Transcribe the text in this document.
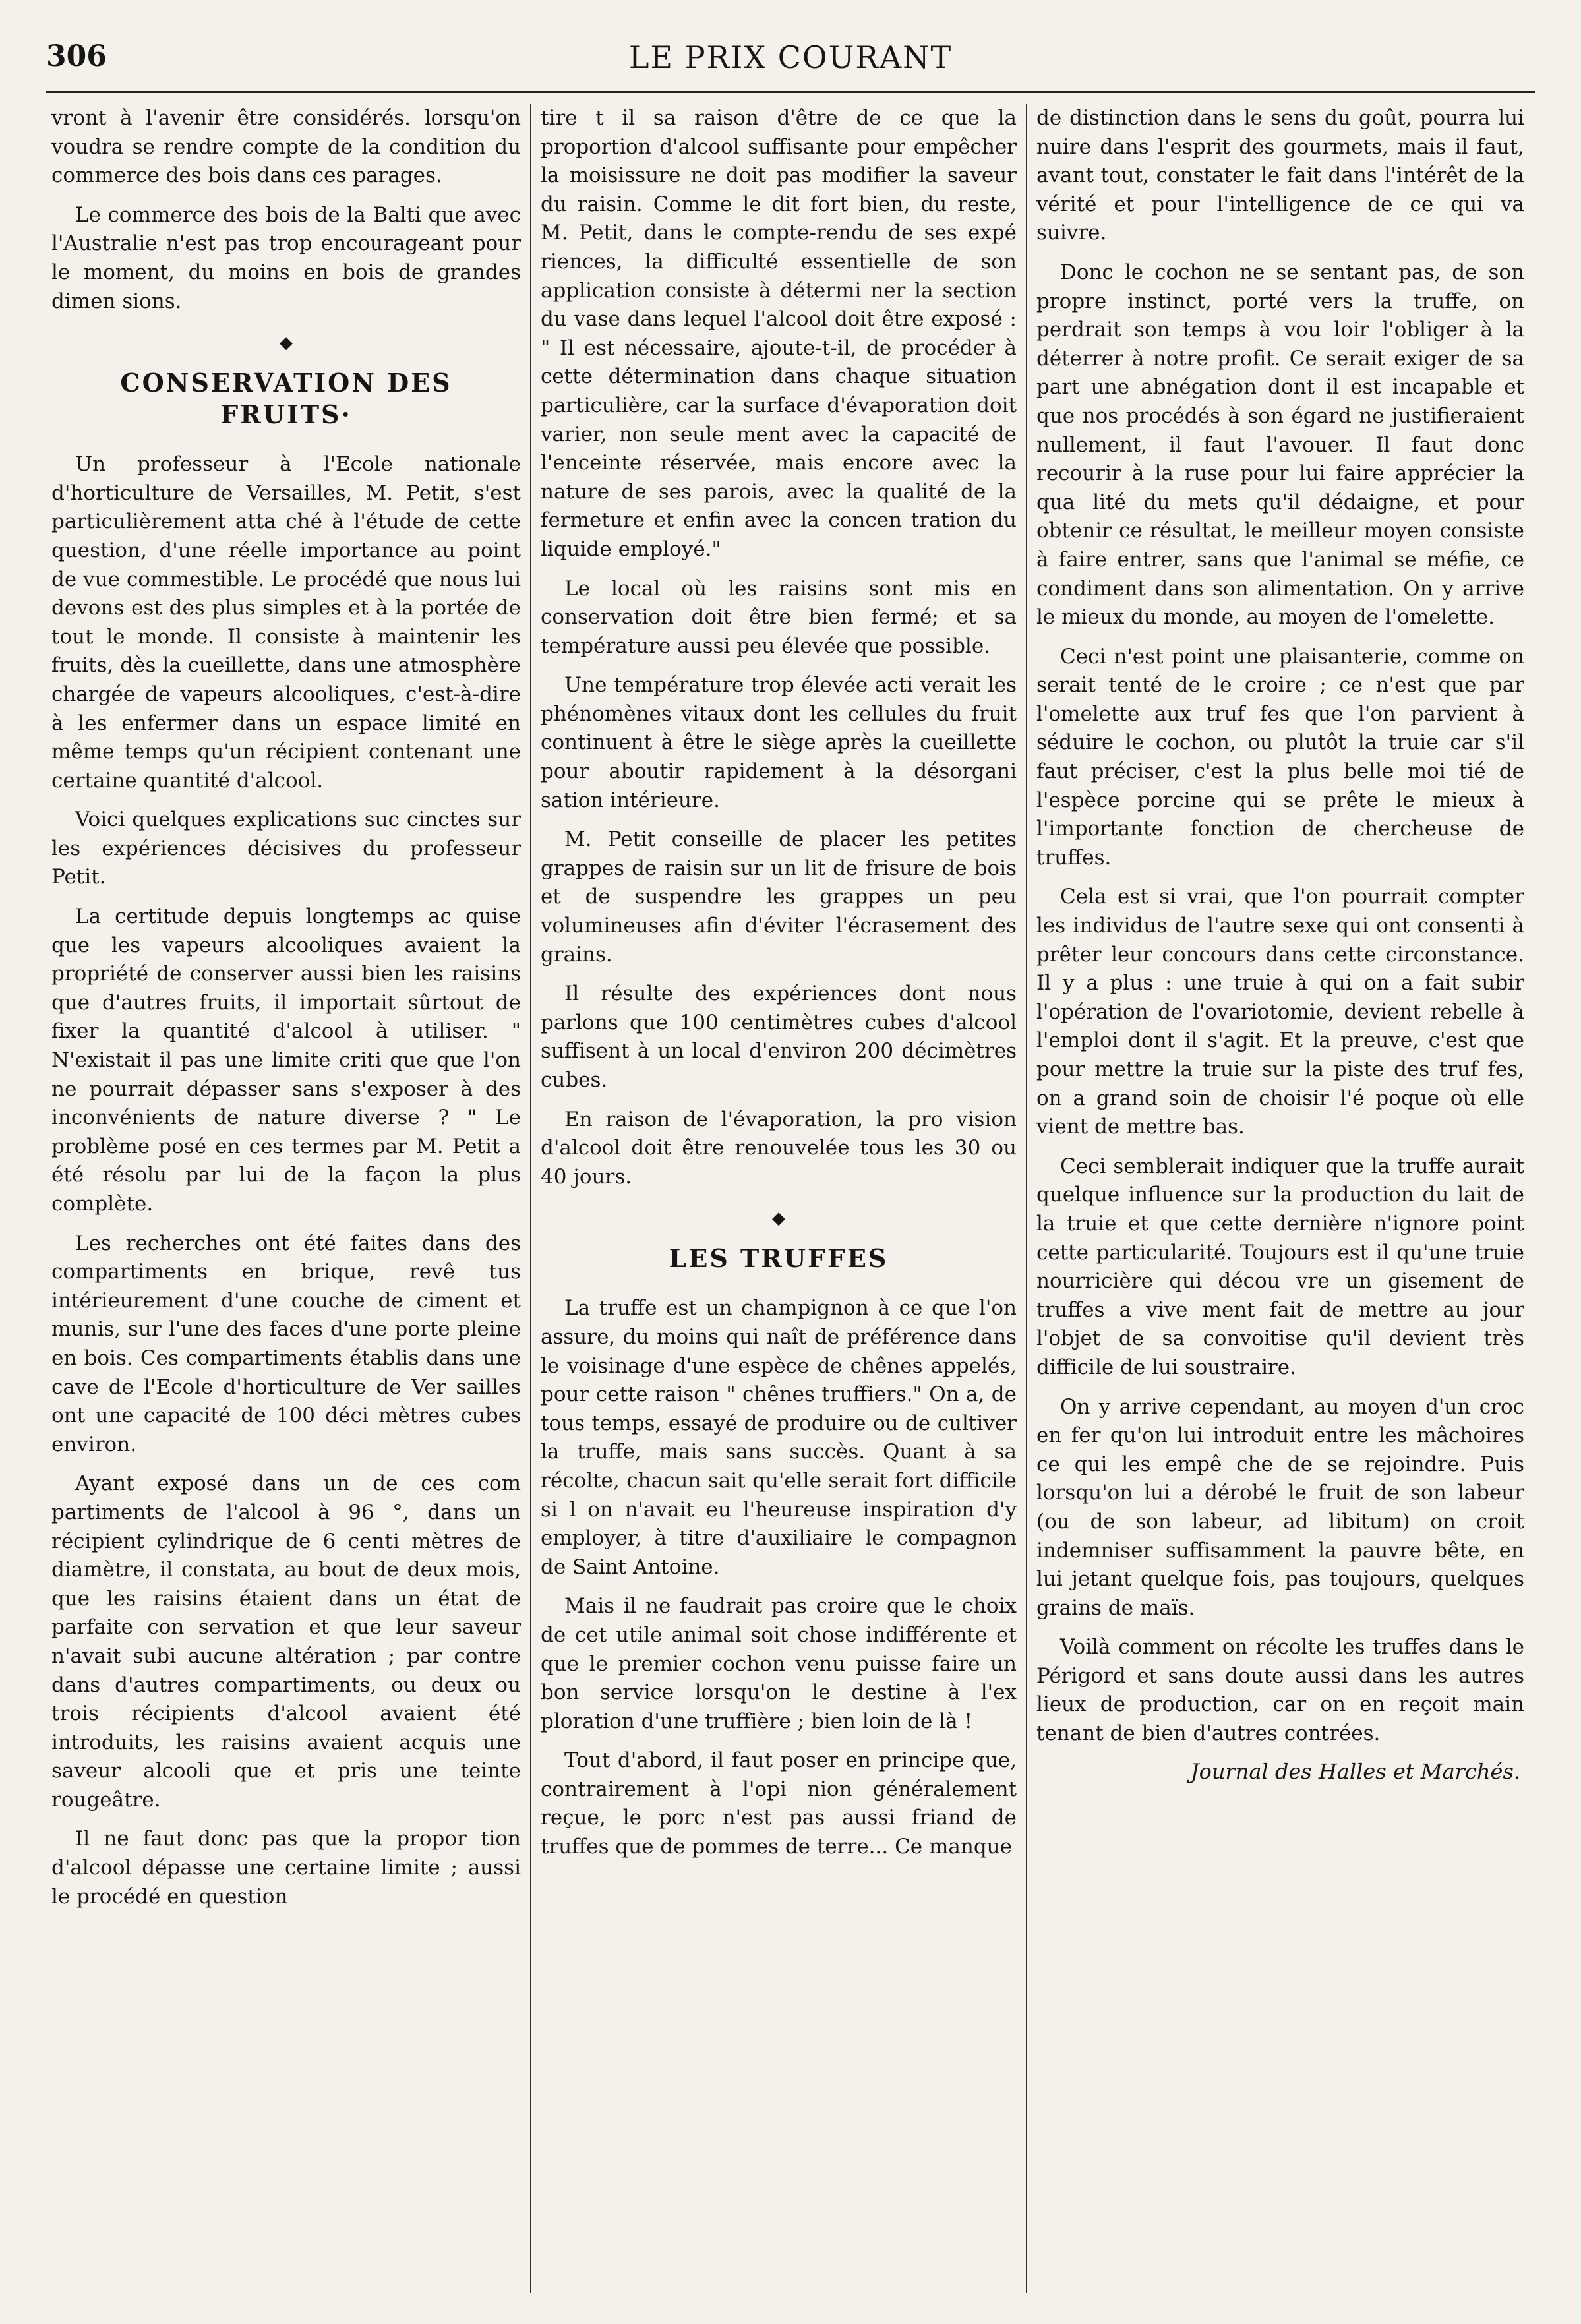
306	LE PRIX COURANT

vront à l'avenir être considérés. lorsqu'on voudra se rendre compte de la condition du commerce des bois dans ces parages.

Le commerce des bois de la Balti que avec l'Australie n'est pas trop encourageant pour le moment, du moins en bois de grandes dimen sions.

◆
CONSERVATION DES FRUITS·

Un professeur à l'Ecole nationale d'horticulture de Versailles, M. Petit, s'est particulièrement atta ché à l'étude de cette question, d'une réelle importance au point de vue commestible. Le procédé que nous lui devons est des plus simples et à la portée de tout le monde. Il consiste à maintenir les fruits, dès la cueillette, dans une atmosphère chargée de vapeurs alcooliques, c'est-à-dire à les enfermer dans un espace limité en même temps qu'un récipient contenant une certaine quantité d'alcool.

Voici quelques explications suc cinctes sur les expériences décisives du professeur Petit.

La certitude depuis longtemps ac quise que les vapeurs alcooliques avaient la propriété de conserver aussi bien les raisins que d'autres fruits, il importait sûrtout de fixer la quantité d'alcool à utiliser. " N'existait il pas une limite criti que que l'on ne pourrait dépasser sans s'exposer à des inconvénients de nature diverse ? " Le problème posé en ces termes par M. Petit a été résolu par lui de la façon la plus complète.

Les recherches ont été faites dans des compartiments en brique, revê tus intérieurement d'une couche de ciment et munis, sur l'une des faces d'une porte pleine en bois. Ces compartiments établis dans une cave de l'Ecole d'horticulture de Ver sailles ont une capacité de 100 déci mètres cubes environ.

Ayant exposé dans un de ces com partiments de l'alcool à 96 °, dans un récipient cylindrique de 6 centi mètres de diamètre, il constata, au bout de deux mois, que les raisins étaient dans un état de parfaite con servation et que leur saveur n'avait subi aucune altération ; par contre dans d'autres compartiments, ou deux ou trois récipients d'alcool avaient été introduits, les raisins avaient acquis une saveur alcooli que et pris une teinte rougeâtre.

Il ne faut donc pas que la propor tion d'alcool dépasse une certaine limite ; aussi le procédé en question

tire t il sa raison d'être de ce que la proportion d'alcool suffisante pour empêcher la moisissure ne doit pas modifier la saveur du raisin. Comme le dit fort bien, du reste, M. Petit, dans le compte-rendu de ses expé riences, la difficulté essentielle de son application consiste à détermi ner la section du vase dans lequel l'alcool doit être exposé : " Il est nécessaire, ajoute-t-il, de procéder à cette détermination dans chaque situation particulière, car la surface d'évaporation doit varier, non seule ment avec la capacité de l'enceinte réservée, mais encore avec la nature de ses parois, avec la qualité de la fermeture et enfin avec la concen tration du liquide employé."

Le local où les raisins sont mis en conservation doit être bien fermé; et sa température aussi peu élevée que possible.

Une température trop élevée acti verait les phénomènes vitaux dont les cellules du fruit continuent à être le siège après la cueillette pour aboutir rapidement à la désorgani sation intérieure.

M. Petit conseille de placer les petites grappes de raisin sur un lit de frisure de bois et de suspendre les grappes un peu volumineuses afin d'éviter l'écrasement des grains.

Il résulte des expériences dont nous parlons que 100 centimètres cubes d'alcool suffisent à un local d'environ 200 décimètres cubes.

En raison de l'évaporation, la pro vision d'alcool doit être renouvelée tous les 30 ou 40 jours.

◆
LES TRUFFES

La truffe est un champignon à ce que l'on assure, du moins qui naît de préférence dans le voisinage d'une espèce de chênes appelés, pour cette raison " chênes truffiers." On a, de tous temps, essayé de produire ou de cultiver la truffe, mais sans succès. Quant à sa récolte, chacun sait qu'elle serait fort difficile si l on n'avait eu l'heureuse inspiration d'y employer, à titre d'auxiliaire le compagnon de Saint Antoine.

Mais il ne faudrait pas croire que le choix de cet utile animal soit chose indifférente et que le premier cochon venu puisse faire un bon service lorsqu'on le destine à l'ex ploration d'une truffière ; bien loin de là !

Tout d'abord, il faut poser en principe que, contrairement à l'opi nion généralement reçue, le porc n'est pas aussi friand de truffes que de pommes de terre... Ce manque

de distinction dans le sens du goût, pourra lui nuire dans l'esprit des gourmets, mais il faut, avant tout, constater le fait dans l'intérêt de la vérité et pour l'intelligence de ce qui va suivre.

Donc le cochon ne se sentant pas, de son propre instinct, porté vers la truffe, on perdrait son temps à vou loir l'obliger à la déterrer à notre profit. Ce serait exiger de sa part une abnégation dont il est incapable et que nos procédés à son égard ne justifieraient nullement, il faut l'avouer. Il faut donc recourir à la ruse pour lui faire apprécier la qua lité du mets qu'il dédaigne, et pour obtenir ce résultat, le meilleur moyen consiste à faire entrer, sans que l'animal se méfie, ce condiment dans son alimentation. On y arrive le mieux du monde, au moyen de l'omelette.

Ceci n'est point une plaisanterie, comme on serait tenté de le croire ; ce n'est que par l'omelette aux truf fes que l'on parvient à séduire le cochon, ou plutôt la truie car s'il faut préciser, c'est la plus belle moi tié de l'espèce porcine qui se prête le mieux à l'importante fonction de chercheuse de truffes.

Cela est si vrai, que l'on pourrait compter les individus de l'autre sexe qui ont consenti à prêter leur concours dans cette circonstance. Il y a plus : une truie à qui on a fait subir l'opération de l'ovariotomie, devient rebelle à l'emploi dont il s'agit. Et la preuve, c'est que pour mettre la truie sur la piste des truf fes, on a grand soin de choisir l'é poque où elle vient de mettre bas.

Ceci semblerait indiquer que la truffe aurait quelque influence sur la production du lait de la truie et que cette dernière n'ignore point cette particularité. Toujours est il qu'une truie nourricière qui décou vre un gisement de truffes a vive ment fait de mettre au jour l'objet de sa convoitise qu'il devient très difficile de lui soustraire.

On y arrive cependant, au moyen d'un croc en fer qu'on lui introduit entre les mâchoires ce qui les empê che de se rejoindre. Puis lorsqu'on lui a dérobé le fruit de son labeur (ou de son labeur, ad libitum) on croit indemniser suffisamment la pauvre bête, en lui jetant quelque fois, pas toujours, quelques grains de maïs.

Voilà comment on récolte les truffes dans le Périgord et sans doute aussi dans les autres lieux de production, car on en reçoit main tenant de bien d'autres contrées.

Journal des Halles et Marchés.
